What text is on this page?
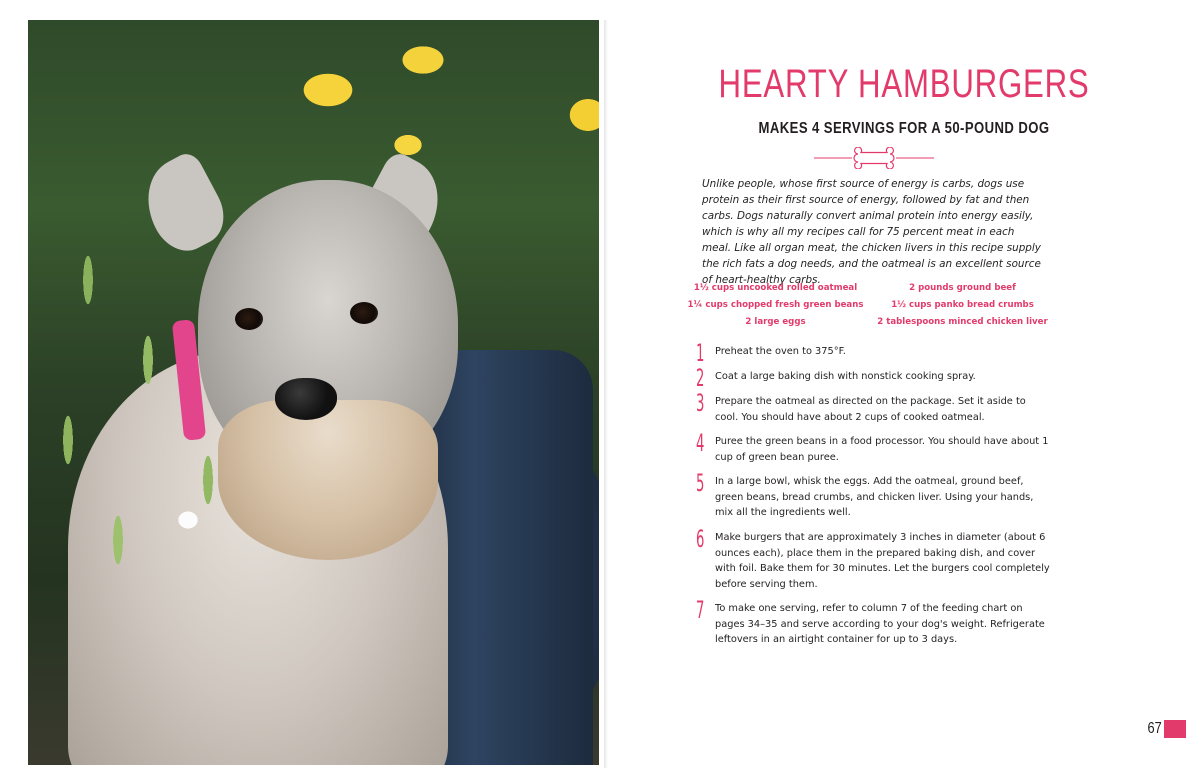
HEARTY HAMBURGERS
MAKES 4 SERVINGS FOR A 50-POUND DOG

Unlike people, whose first source of energy is carbs, dogs use protein as their first source of energy, followed by fat and then carbs. Dogs naturally convert animal protein into energy easily, which is why all my recipes call for 75 percent meat in each meal. Like all organ meat, the chicken livers in this recipe supply the rich fats a dog needs, and the oatmeal is an excellent source of heart-healthy carbs.

1½ cups uncooked rolled oatmeal	2 pounds ground beef
1¼ cups chopped fresh green beans	1½ cups panko bread crumbs
2 large eggs	2 tablespoons minced chicken liver
1 Preheat the oven to 375°F.
2 Coat a large baking dish with nonstick cooking spray.
3 Prepare the oatmeal as directed on the package. Set it aside to cool. You should have about 2 cups of cooked oatmeal.
4 Puree the green beans in a food processor. You should have about 1 cup of green bean puree.
5 In a large bowl, whisk the eggs. Add the oatmeal, ground beef, green beans, bread crumbs, and chicken liver. Using your hands, mix all the ingredients well.
6 Make burgers that are approximately 3 inches in diameter (about 6 ounces each), place them in the prepared baking dish, and cover with foil. Bake them for 30 minutes. Let the burgers cool completely before serving them.
7 To make one serving, refer to column 7 of the feeding chart on pages 34–35 and serve according to your dog's weight. Refrigerate leftovers in an airtight container for up to 3 days.
67
